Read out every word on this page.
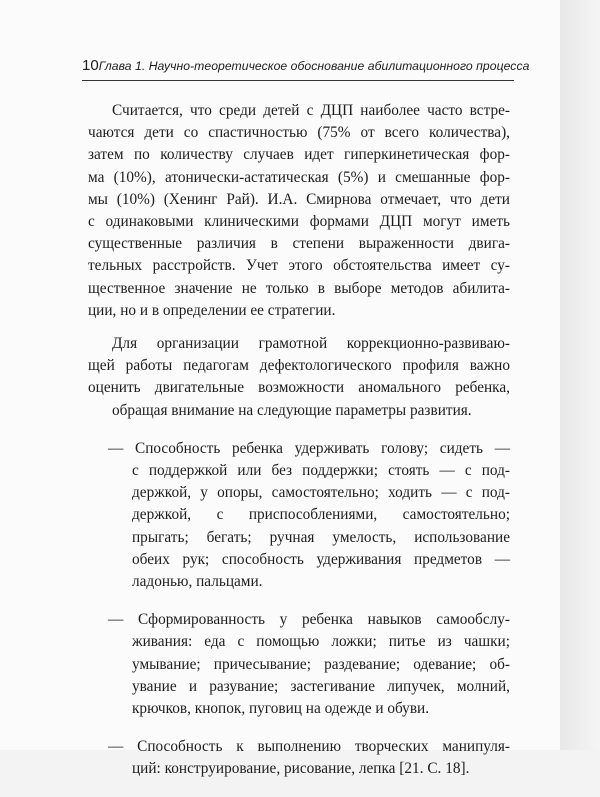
10 Глава 1. Научно-теоретическое обоснование абилитационного процесса
Считается, что среди детей с ДЦП наиболее часто встре-
чаются дети со спастичностью (75% от всего количества),
затем по количеству случаев идет гиперкинетическая фор-
ма (10%), атонически-астатическая (5%) и смешанные фор-
мы (10%) (Хенинг Рай). И.А. Смирнова отмечает, что дети
с одинаковыми клиническими формами ДЦП могут иметь
существенные различия в степени выраженности двига-
тельных расстройств. Учет этого обстоятельства имеет су-
щественное значение не только в выборе методов абилита-
ции, но и в определении ее стратегии.
Для организации грамотной коррекционно-развиваю-
щей работы педагогам дефектологического профиля важно
оценить двигательные возможности аномального ребенка,
обращая внимание на следующие параметры развития.
— Способность ребенка удерживать голову; сидеть —
с поддержкой или без поддержки; стоять — с под-
держкой, у опоры, самостоятельно; ходить — с под-
держкой, с приспособлениями, самостоятельно;
прыгать; бегать; ручная умелость, использование
обеих рук; способность удерживания предметов —
ладонью, пальцами.
— Сформированность у ребенка навыков самообслу-
живания: еда с помощью ложки; питье из чашки;
умывание; причесывание; раздевание; одевание; об-
увание и разувание; застегивание липучек, молний,
крючков, кнопок, пуговиц на одежде и обуви.
— Способность к выполнению творческих манипуля-
ций: конструирование, рисование, лепка [21. С. 18].
